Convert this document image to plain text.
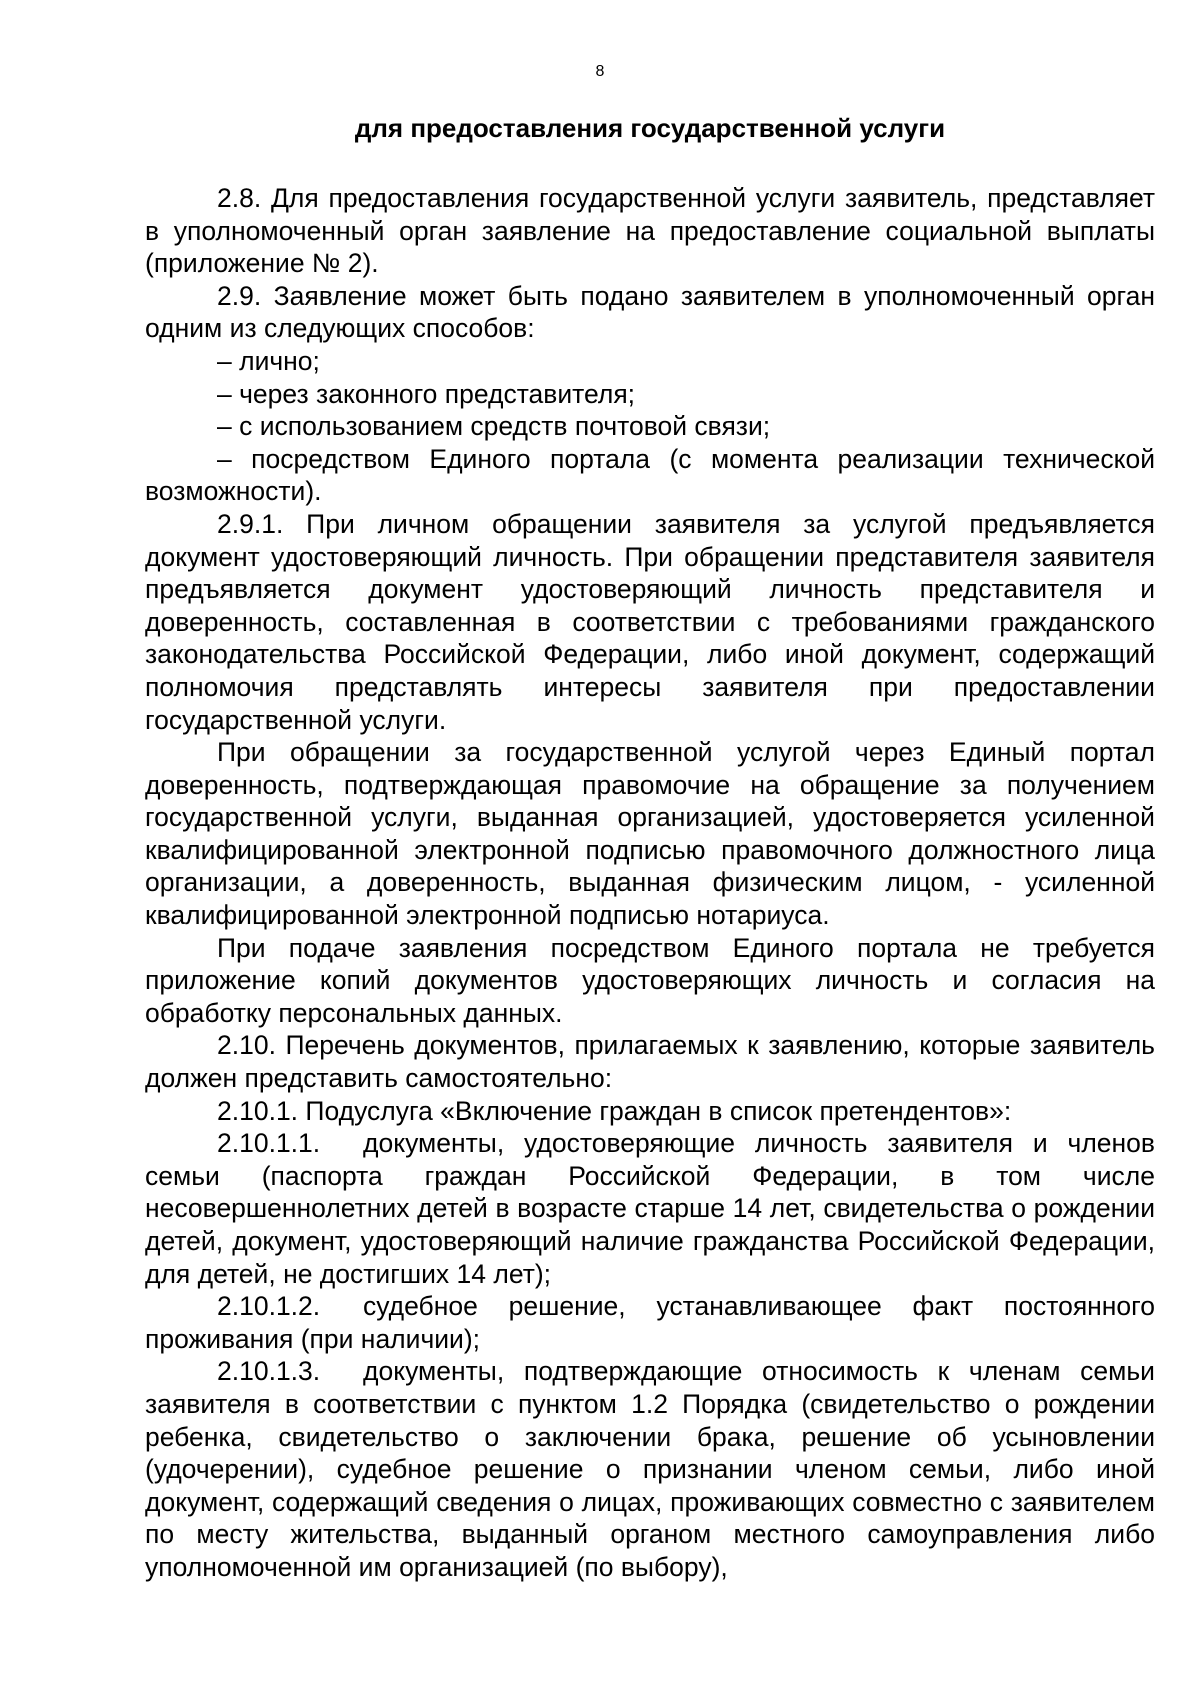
8
для предоставления государственной услуги

2.8. Для предоставления государственной услуги заявитель, представляет в уполномоченный орган заявление на предоставление социальной выплаты (приложение № 2).

2.9. Заявление может быть подано заявителем в уполномоченный орган одним из следующих способов:

– лично;

– через законного представителя;

– с использованием средств почтовой связи;

– посредством Единого портала (с момента реализации технической возможности).

2.9.1. При личном обращении заявителя за услугой предъявляется документ удостоверяющий личность. При обращении представителя заявителя предъявляется документ удостоверяющий личность представителя и доверенность, составленная в соответствии с требованиями гражданского законодательства Российской Федерации, либо иной документ, содержащий полномочия представлять интересы заявителя при предоставлении государственной услуги.

При обращении за государственной услугой через Единый портал доверенность, подтверждающая правомочие на обращение за получением государственной услуги, выданная организацией, удостоверяется усиленной квалифицированной электронной подписью правомочного должностного лица организации, а доверенность, выданная физическим лицом, - усиленной квалифицированной электронной подписью нотариуса.

При подаче заявления посредством Единого портала не требуется приложение копий документов удостоверяющих личность и согласия на обработку персональных данных.

2.10. Перечень документов, прилагаемых к заявлению, которые заявитель должен представить самостоятельно:

2.10.1. Подуслуга «Включение граждан в список претендентов»:

2.10.1.1. документы, удостоверяющие личность заявителя и членов семьи (паспорта граждан Российской Федерации, в том числе несовершеннолетних детей в возрасте старше 14 лет, свидетельства о рождении детей, документ, удостоверяющий наличие гражданства Российской Федерации, для детей, не достигших 14 лет);

2.10.1.2. судебное решение, устанавливающее факт постоянного проживания (при наличии);

2.10.1.3. документы, подтверждающие относимость к членам семьи заявителя в соответствии с пунктом 1.2 Порядка (свидетельство о рождении ребенка, свидетельство о заключении брака, решение об усыновлении (удочерении), судебное решение о признании членом семьи, либо иной документ, содержащий сведения о лицах, проживающих совместно с заявителем по месту жительства, выданный органом местного самоуправления либо уполномоченной им организацией (по выбору),
